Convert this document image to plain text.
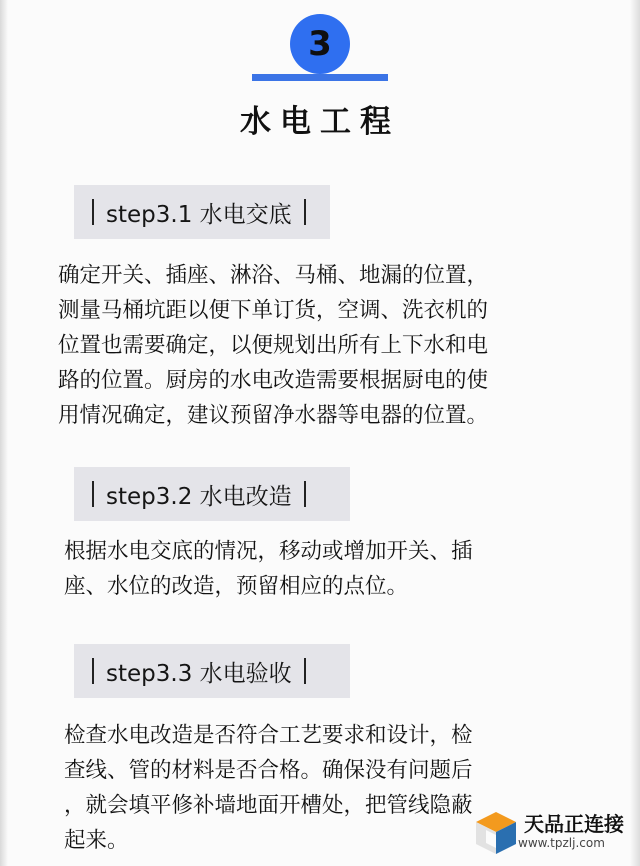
3
水电工程
step3.1 水电交底
确定开关、插座、淋浴、马桶、地漏的位置，
测量马桶坑距以便下单订货，空调、洗衣机的
位置也需要确定，以便规划出所有上下水和电
路的位置。厨房的水电改造需要根据厨电的使
用情况确定，建议预留净水器等电器的位置。
step3.2 水电改造
根据水电交底的情况，移动或增加开关、插
座、水位的改造，预留相应的点位。
step3.3 水电验收
检查水电改造是否符合工艺要求和设计，检
查线、管的材料是否合格。确保没有问题后
，就会填平修补墙地面开槽处，把管线隐蔽
起来。
天品正连接
www.tpzlj.com
